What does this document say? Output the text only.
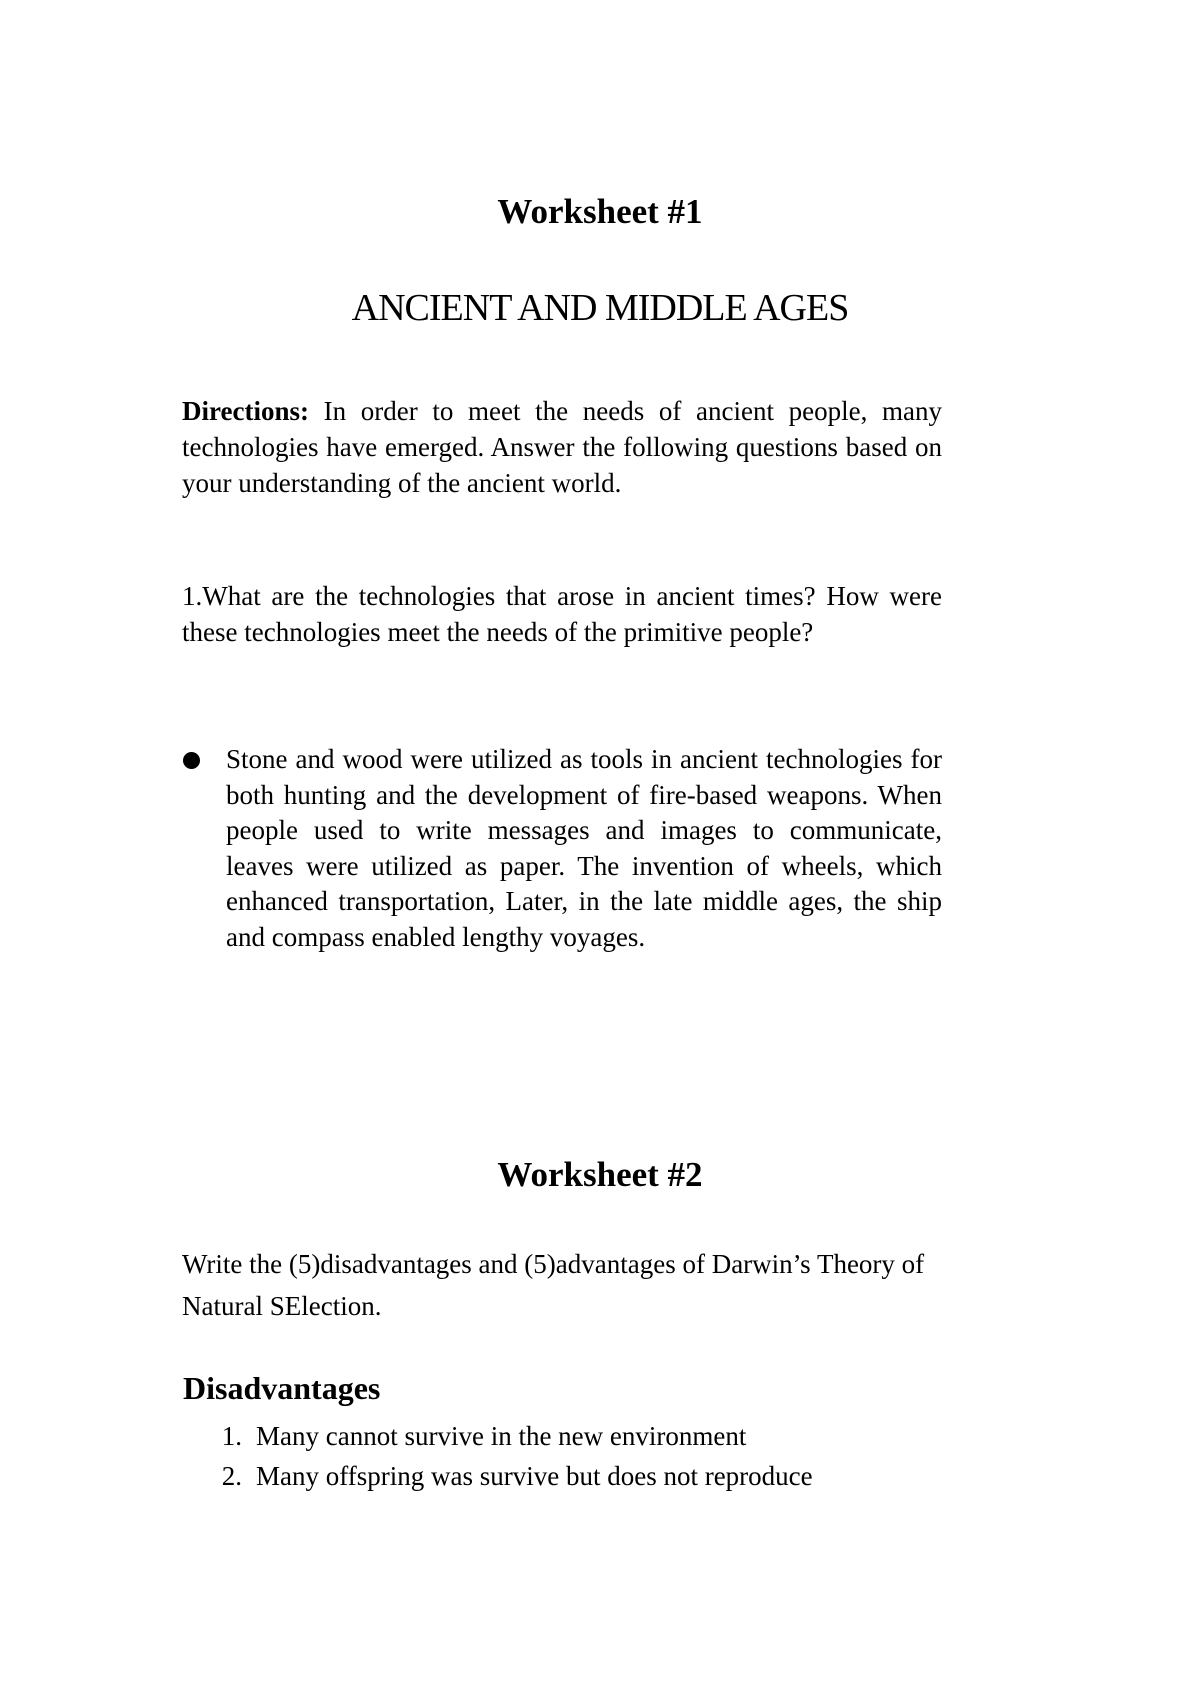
Worksheet #1
ANCIENT AND MIDDLE AGES

Directions: In order to meet the needs of ancient people, many technologies have emerged. Answer the following questions based on your understanding of the ancient world.

1.What are the technologies that arose in ancient times? How were these technologies meet the needs of the primitive people?

Stone and wood were utilized as tools in ancient technologies for both hunting and the development of fire-based weapons. When people used to write messages and images to communicate, leaves were utilized as paper. The invention of wheels, which enhanced transportation, Later, in the late middle ages, the ship and compass enabled lengthy voyages.

Worksheet #2
Write the (5)disadvantages and (5)advantages of Darwin’s Theory of
Natural SElection.
Disadvantages
1. Many cannot survive in the new environment
2. Many offspring was survive but does not reproduce
